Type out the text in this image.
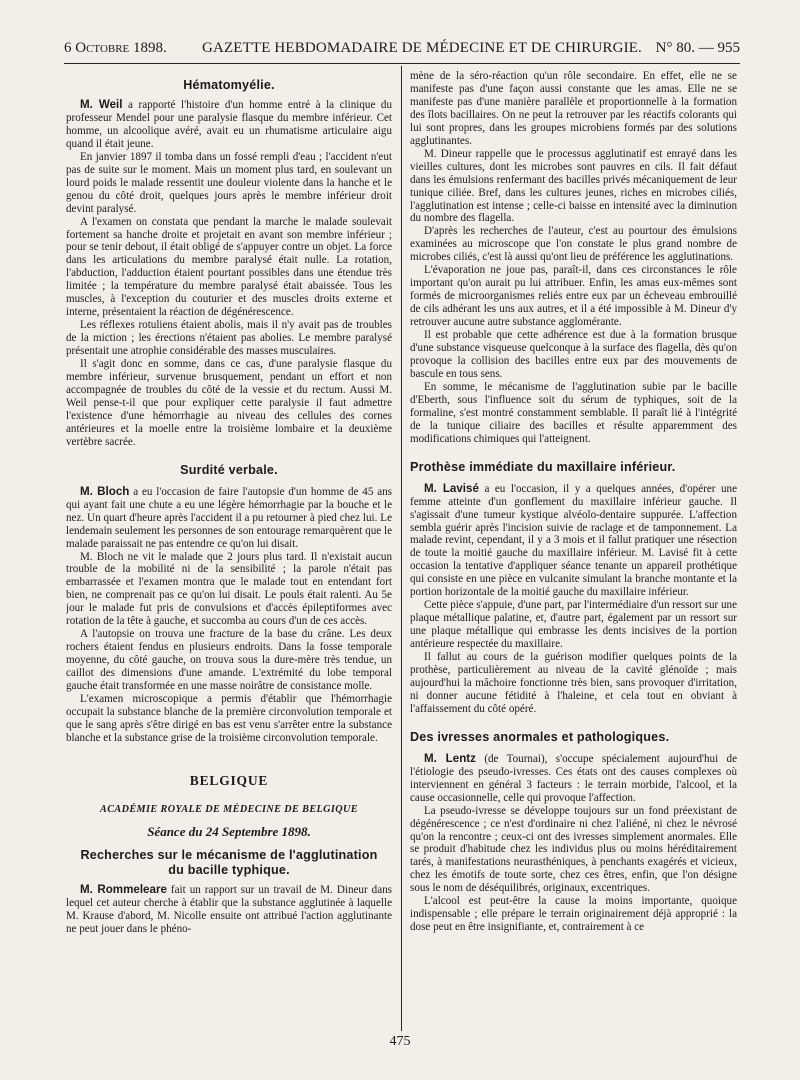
6 Octobre 1898. GAZETTE HEBDOMADAIRE DE MÉDECINE ET DE CHIRURGIE. N° 80. — 955
Hématomyélie.

M. Weil a rapporté l'histoire d'un homme entré à la clinique du professeur Mendel pour une paralysie flasque du membre inférieur. Cet homme, un alcoolique avéré, avait eu un rhumatisme articulaire aigu quand il était jeune.

En janvier 1897 il tomba dans un fossé rempli d'eau ; l'accident n'eut pas de suite sur le moment. Mais un moment plus tard, en soulevant un lourd poids le malade ressentit une douleur violente dans la hanche et le genou du côté droit, quelques jours après le membre inférieur droit devint paralysé.

A l'examen on constata que pendant la marche le malade soulevait fortement sa hanche droite et projetait en avant son membre inférieur ; pour se tenir debout, il était obligé de s'appuyer contre un objet. La force dans les articulations du membre paralysé était nulle. La rotation, l'abduction, l'adduction étaient pourtant possibles dans une étendue très limitée ; la température du membre paralysé était abaissée. Tous les muscles, à l'exception du couturier et des muscles droits externe et interne, présentaient la réaction de dégénérescence.

Les réflexes rotuliens étaient abolis, mais il n'y avait pas de troubles de la miction ; les érections n'étaient pas abolies. Le membre paralysé présentait une atrophie considérable des masses musculaires.

Il s'agit donc en somme, dans ce cas, d'une paralysie flasque du membre inférieur, survenue brusquement, pendant un effort et non accompagnée de troubles du côté de la vessie et du rectum. Aussi M. Weil pense-t-il que pour expliquer cette paralysie il faut admettre l'existence d'une hémorrhagie au niveau des cellules des cornes antérieures et la moelle entre la troisième lombaire et la deuxième vertèbre sacrée.

Surdité verbale.

M. Bloch a eu l'occasion de faire l'autopsie d'un homme de 45 ans qui ayant fait une chute a eu une légère hémorrhagie par la bouche et le nez. Un quart d'heure après l'accident il a pu retourner à pied chez lui. Le lendemain seulement les personnes de son entourage remarquèrent que le malade paraissait ne pas entendre ce qu'on lui disait.

M. Bloch ne vit le malade que 2 jours plus tard. Il n'existait aucun trouble de la mobilité ni de la sensibilité ; la parole n'était pas embarrassée et l'examen montra que le malade tout en entendant fort bien, ne comprenait pas ce qu'on lui disait. Le pouls était ralenti. Au 5e jour le malade fut pris de convulsions et d'accès épileptiformes avec rotation de la tête à gauche, et succomba au cours d'un de ces accès.

A l'autopsie on trouva une fracture de la base du crâne. Les deux rochers étaient fendus en plusieurs endroits. Dans la fosse temporale moyenne, du côté gauche, on trouva sous la dure-mère très tendue, un caillot des dimensions d'une amande. L'extrémité du lobe temporal gauche était transformée en une masse noirâtre de consistance molle.

L'examen microscopique a permis d'établir que l'hémorrhagie occupait la substance blanche de la première circonvolution temporale et que le sang après s'être dirigé en bas est venu s'arrêter entre la substance blanche et la substance grise de la troisième circonvolution temporale.

BELGIQUE
ACADÉMIE ROYALE DE MÉDECINE DE BELGIQUE
Séance du 24 Septembre 1898.
Recherches sur le mécanisme de l'agglutination du bacille typhique.

M. Rommeleare fait un rapport sur un travail de M. Dineur dans lequel cet auteur cherche à établir que la substance agglutinée à laquelle M. Krause d'abord, M. Nicolle ensuite ont attribué l'action agglutinante ne peut jouer dans le phéno-

mène de la séro-réaction qu'un rôle secondaire. En effet, elle ne se manifeste pas d'une façon aussi constante que les amas. Elle ne se manifeste pas d'une manière parallèle et proportionnelle à la formation des îlots bacillaires. On ne peut la retrouver par les réactifs colorants qui lui sont propres, dans les groupes microbiens formés par des solutions agglutinantes.

M. Dineur rappelle que le processus agglutinatif est enrayé dans les vieilles cultures, dont les microbes sont pauvres en cils. Il fait défaut dans les émulsions renfermant des bacilles privés mécaniquement de leur tunique ciliée. Bref, dans les cultures jeunes, riches en microbes ciliés, l'agglutination est intense ; celle-ci baisse en intensité avec la diminution du nombre des flagella.

D'après les recherches de l'auteur, c'est au pourtour des émulsions examinées au microscope que l'on constate le plus grand nombre de microbes ciliés, c'est là aussi qu'ont lieu de préférence les agglutinations.

L'évaporation ne joue pas, paraît-il, dans ces circonstances le rôle important qu'on aurait pu lui attribuer. Enfin, les amas eux-mêmes sont formés de microorganismes reliés entre eux par un écheveau embrouillé de cils adhérant les uns aux autres, et il a été impossible à M. Dineur d'y retrouver aucune autre substance agglomérante.

Il est probable que cette adhérence est due à la formation brusque d'une substance visqueuse quelconque à la surface des flagella, dès qu'on provoque la collision des bacilles entre eux par des mouvements de bascule en tous sens.

En somme, le mécanisme de l'agglutination subie par le bacille d'Eberth, sous l'influence soit du sérum de typhiques, soit de la formaline, s'est montré constamment semblable. Il paraît lié à l'intégrité de la tunique ciliaire des bacilles et résulte apparemment des modifications chimiques qui l'atteignent.

Prothèse immédiate du maxillaire inférieur.

M. Lavisé a eu l'occasion, il y a quelques années, d'opérer une femme atteinte d'un gonflement du maxillaire inférieur gauche. Il s'agissait d'une tumeur kystique alvéolo-dentaire suppurée. L'affection sembla guérir après l'incision suivie de raclage et de tamponnement. La malade revint, cependant, il y a 3 mois et il fallut pratiquer une résection de toute la moitié gauche du maxillaire inférieur. M. Lavisé fit à cette occasion la tentative d'appliquer séance tenante un appareil prothétique qui consiste en une pièce en vulcanite simulant la branche montante et la portion horizontale de la moitié gauche du maxillaire inférieur.

Cette pièce s'appuie, d'une part, par l'intermédiaire d'un ressort sur une plaque métallique palatine, et, d'autre part, également par un ressort sur une plaque métallique qui embrasse les dents incisives de la portion antérieure respectée du maxillaire.

Il fallut au cours de la guérison modifier quelques points de la prothèse, particulièrement au niveau de la cavité glénoïde ; mais aujourd'hui la mâchoire fonctionne très bien, sans provoquer d'irritation, ni donner aucune fétidité à l'haleine, et cela tout en obviant à l'affaissement du côté opéré.

Des ivresses anormales et pathologiques.

M. Lentz (de Tournai), s'occupe spécialement aujourd'hui de l'étiologie des pseudo-ivresses. Ces états ont des causes complexes où interviennent en général 3 facteurs : le terrain morbide, l'alcool, et la cause occasionnelle, celle qui provoque l'affection.

La pseudo-ivresse se développe toujours sur un fond préexistant de dégénérescence ; ce n'est d'ordinaire ni chez l'aliéné, ni chez le névrosé qu'on la rencontre ; ceux-ci ont des ivresses simplement anormales. Elle se produit d'habitude chez les individus plus ou moins héréditairement tarés, à manifestations neurasthéniques, à penchants exagérés et vicieux, chez les émotifs de toute sorte, chez ces êtres, enfin, que l'on désigne sous le nom de déséquilibrés, originaux, excentriques.

L'alcool est peut-être la cause la moins importante, quoique indispensable ; elle prépare le terrain originairement déjà approprié : la dose peut en être insignifiante, et, contrairement à ce

475
